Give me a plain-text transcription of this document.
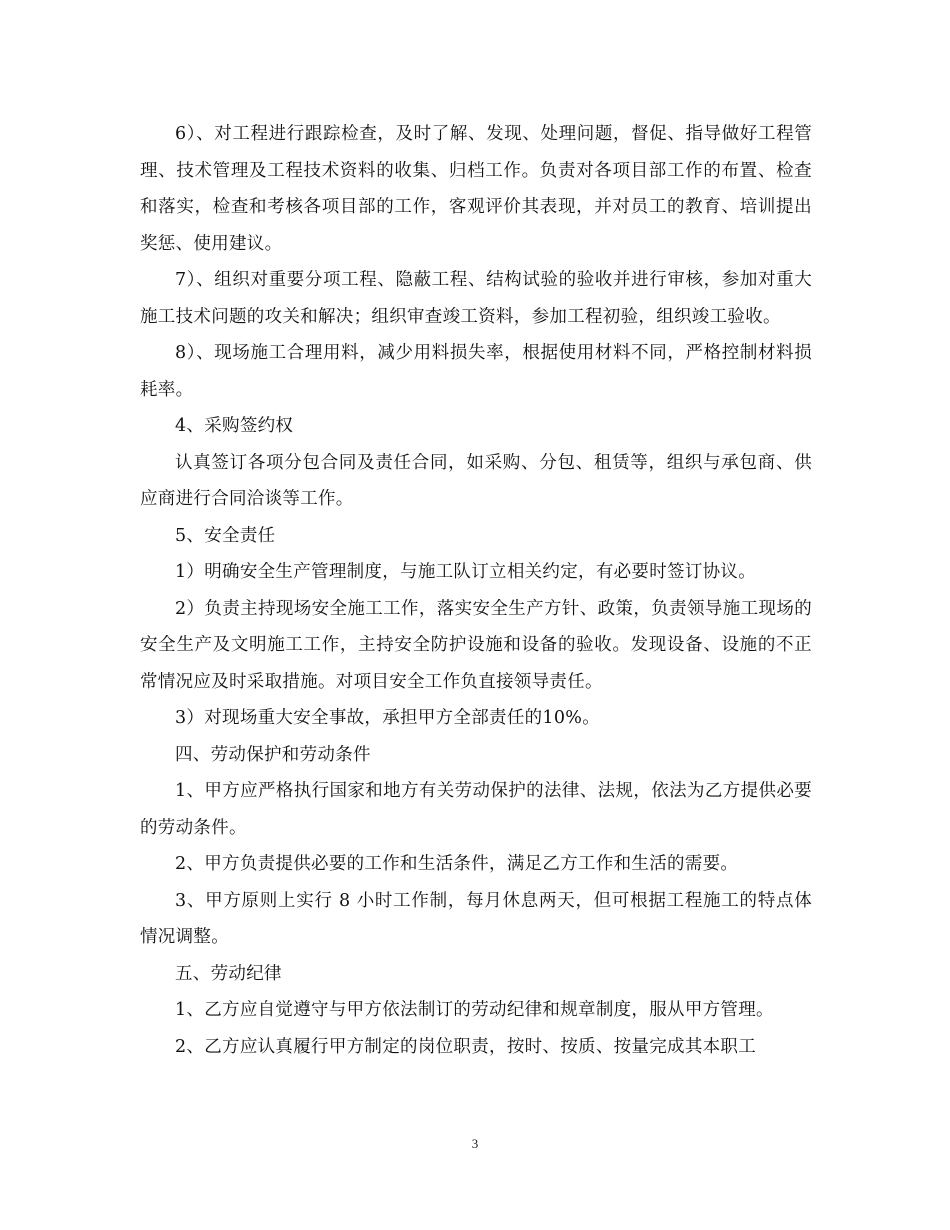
6）、对工程进行跟踪检查，及时了解、发现、处理问题，督促、指导做好工程管理、技术管理及工程技术资料的收集、归档工作。负责对各项目部工作的布置、检查和落实，检查和考核各项目部的工作，客观评价其表现，并对员工的教育、培训提出奖惩、使用建议。

7）、组织对重要分项工程、隐蔽工程、结构试验的验收并进行审核，参加对重大施工技术问题的攻关和解决；组织审查竣工资料，参加工程初验，组织竣工验收。

8）、现场施工合理用料，减少用料损失率，根据使用材料不同，严格控制材料损耗率。

4、采购签约权

认真签订各项分包合同及责任合同，如采购、分包、租赁等，组织与承包商、供应商进行合同洽谈等工作。

5、安全责任

1）明确安全生产管理制度，与施工队订立相关约定，有必要时签订协议。

2）负责主持现场安全施工工作，落实安全生产方针、政策，负责领导施工现场的安全生产及文明施工工作，主持安全防护设施和设备的验收。发现设备、设施的不正常情况应及时采取措施。对项目安全工作负直接领导责任。

3）对现场重大安全事故，承担甲方全部责任的10%。

四、劳动保护和劳动条件

1、甲方应严格执行国家和地方有关劳动保护的法律、法规，依法为乙方提供必要的劳动条件。

2、甲方负责提供必要的工作和生活条件，满足乙方工作和生活的需要。

3、甲方原则上实行 8 小时工作制，每月休息两天，但可根据工程施工的特点体情况调整。

五、劳动纪律

1、乙方应自觉遵守与甲方依法制订的劳动纪律和规章制度，服从甲方管理。

2、乙方应认真履行甲方制定的岗位职责，按时、按质、按量完成其本职工

3
